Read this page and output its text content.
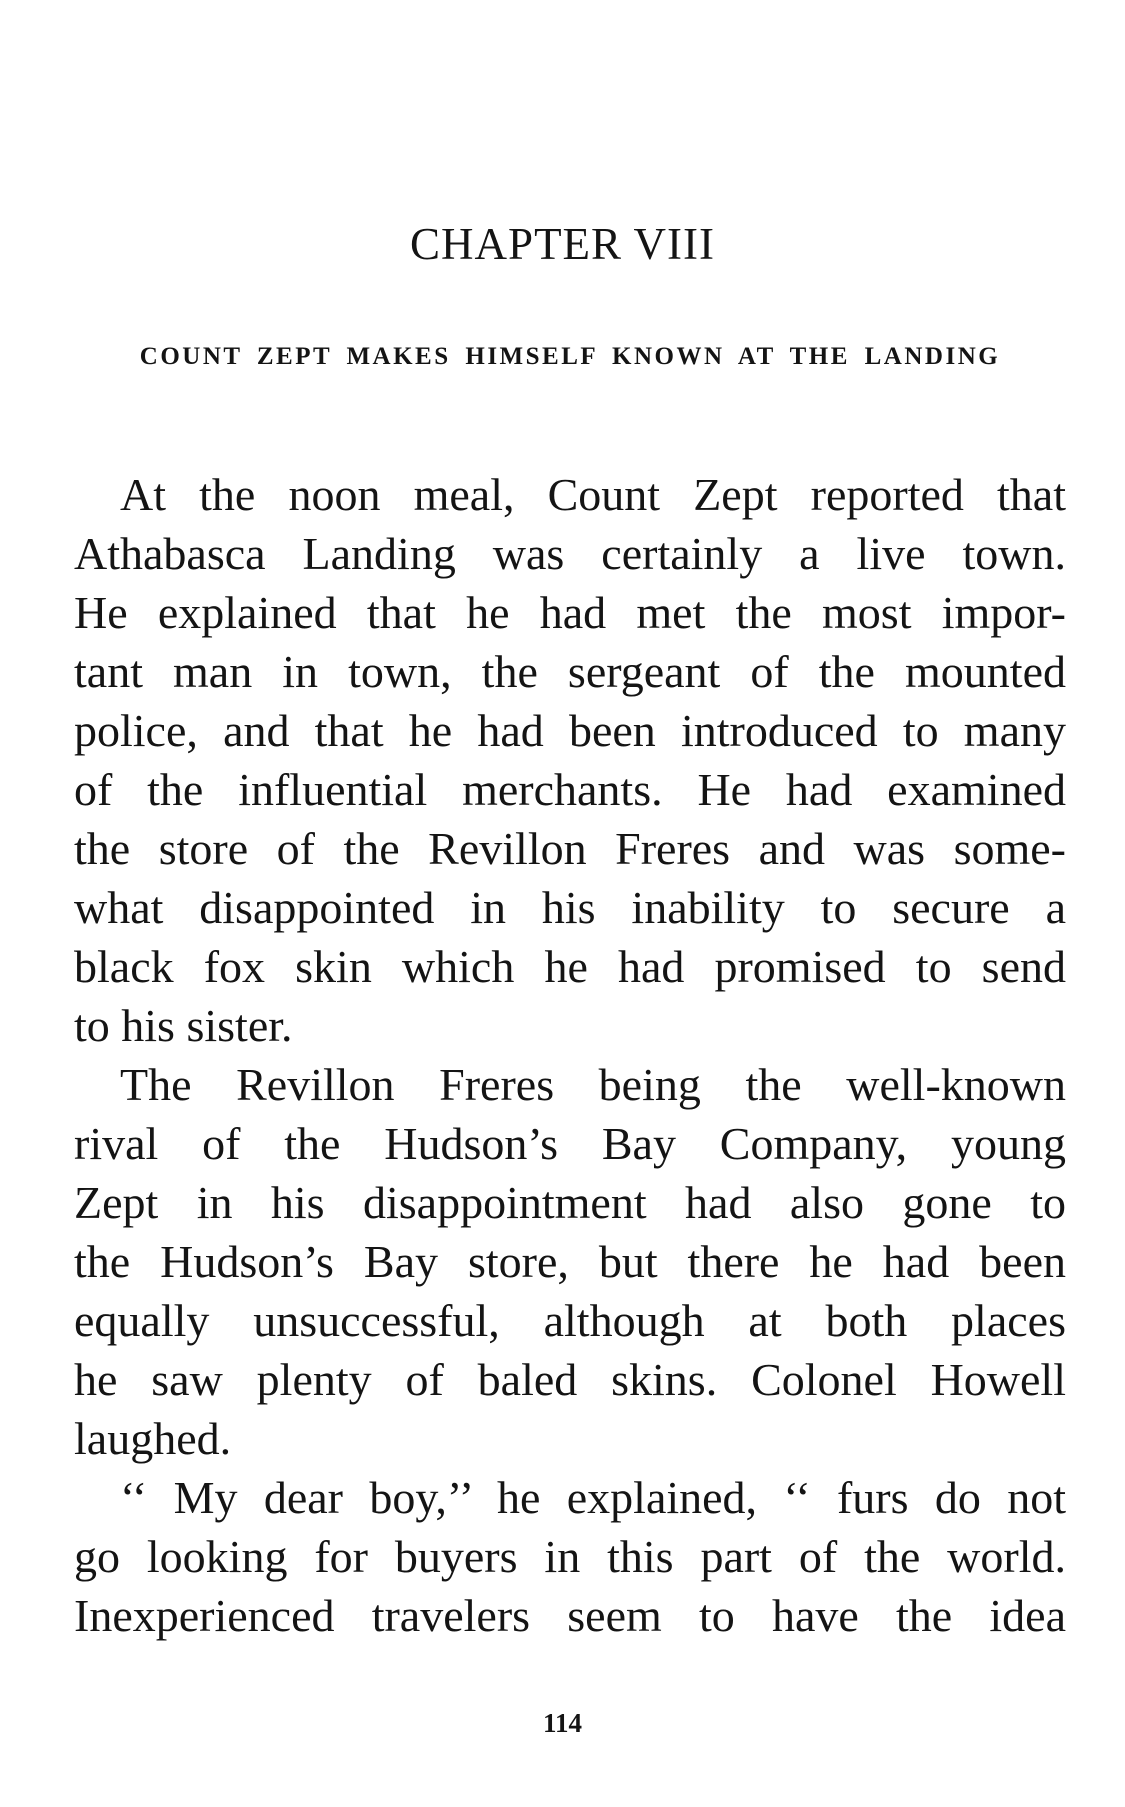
CHAPTER VIII
COUNT ZEPT MAKES HIMSELF KNOWN AT THE LANDING

At the noon meal, Count Zept reported that
Athabasca Landing was certainly a live town.
He explained that he had met the most impor-
tant man in town, the sergeant of the mounted
police, and that he had been introduced to many
of the influential merchants. He had examined
the store of the Revillon Freres and was some-
what disappointed in his inability to secure a
black fox skin which he had promised to send
to his sister.

The Revillon Freres being the well-known
rival of the Hudson’s Bay Company, young
Zept in his disappointment had also gone to
the Hudson’s Bay store, but there he had been
equally unsuccessful, although at both places
he saw plenty of baled skins. Colonel Howell
laughed.

‘‘ My dear boy,’’ he explained, ‘‘ furs do not
go looking for buyers in this part of the world.
Inexperienced travelers seem to have the idea

114
